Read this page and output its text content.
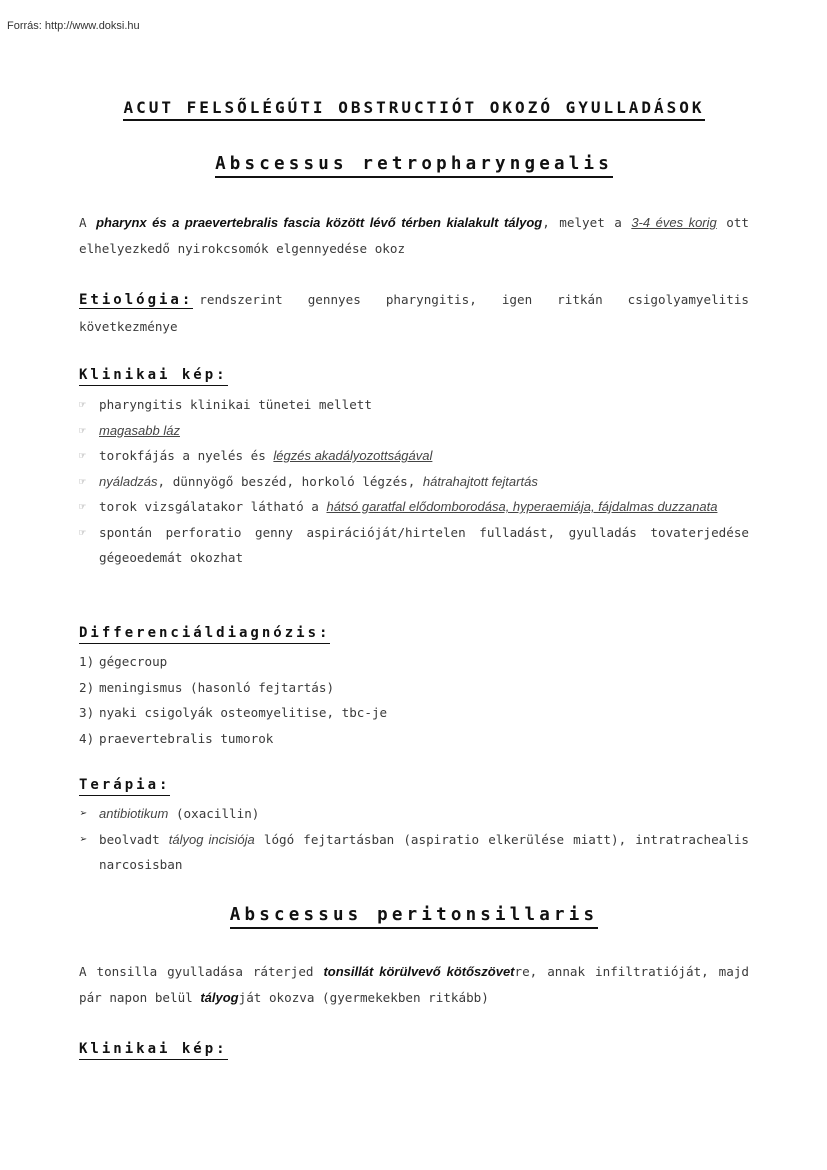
Forrás: http://www.doksi.hu
ACUT FELSŐLÉGÚTI OBSTRUCTIÓT OKOZÓ GYULLADÁSOK
Abscessus retropharyngealis
A pharynx és a praevertebralis fascia között lévő térben kialakult tályog, melyet a 3-4 éves korig ott elhelyezkedő nyirokcsomók elgennyedése okoz
Etiológia: rendszerint gennyes pharyngitis, igen ritkán csigolyamyelitis következménye
Klinikai kép:
☞ pharyngitis klinikai tünetei mellett
☞ magasabb láz
☞ torokfájás a nyelés és légzés akadályozottságával
☞ nyáladzás, dünnyögő beszéd, horkoló légzés, hátrahajtott fejtartás
☞ torok vizsgálatakor látható a hátsó garatfal elődomborodása, hyperaemiája, fájdalmas duzzanata
☞ spontán perforatio genny aspirációját/hirtelen fulladást, gyulladás tovaterjedése gégeoedemát okozhat
Differenciáldiagnózis:
1) gégecroup
2) meningismus (hasonló fejtartás)
3) nyaki csigolyák osteomyelitise, tbc-je
4) praevertebralis tumorok
Terápia:
➢ antibiotikum (oxacillin)
➢ beolvadt tályog incisiója lógó fejtartásban (aspiratio elkerülése miatt), intratrachealis narcosisban
Abscessus peritonsillaris
A tonsilla gyulladása ráterjed tonsillát körülvevő kötőszövetre, annak infiltratióját, majd pár napon belül tályogját okozva (gyermekekben ritkább)
Klinikai kép:
